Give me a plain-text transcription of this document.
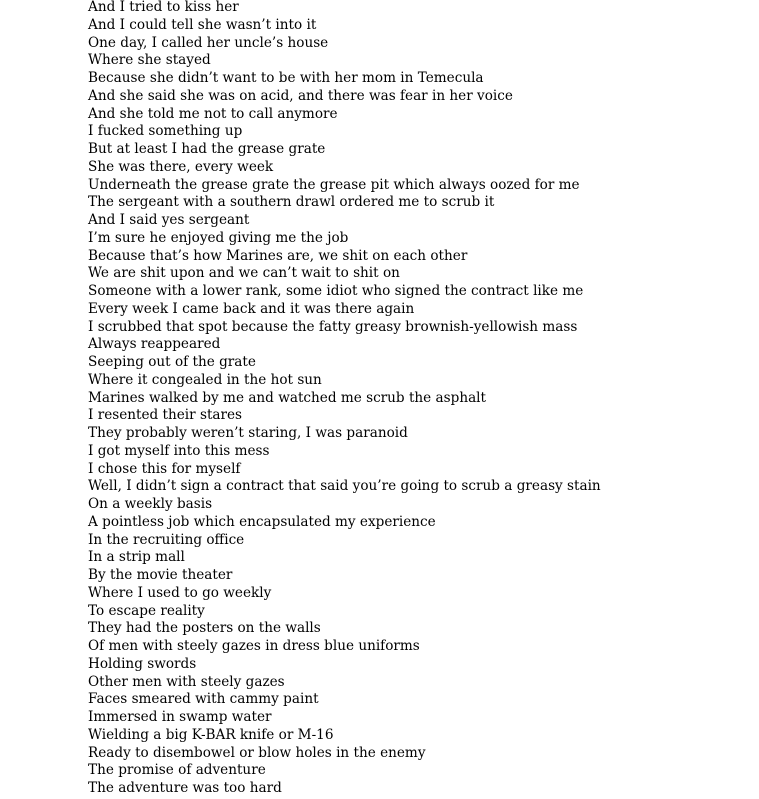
And I tried to kiss her
And I could tell she wasn’t into it
One day, I called her uncle’s house
Where she stayed
Because she didn’t want to be with her mom in Temecula
And she said she was on acid, and there was fear in her voice
And she told me not to call anymore
I fucked something up
But at least I had the grease grate
She was there, every week
Underneath the grease grate the grease pit which always oozed for me
The sergeant with a southern drawl ordered me to scrub it
And I said yes sergeant
I’m sure he enjoyed giving me the job
Because that’s how Marines are, we shit on each other
We are shit upon and we can’t wait to shit on
Someone with a lower rank, some idiot who signed the contract like me
Every week I came back and it was there again
I scrubbed that spot because the fatty greasy brownish-yellowish mass
Always reappeared
Seeping out of the grate
Where it congealed in the hot sun
Marines walked by me and watched me scrub the asphalt
I resented their stares
They probably weren’t staring, I was paranoid
I got myself into this mess
I chose this for myself
Well, I didn’t sign a contract that said you’re going to scrub a greasy stain
On a weekly basis
A pointless job which encapsulated my experience
In the recruiting office
In a strip mall
By the movie theater
Where I used to go weekly
To escape reality
They had the posters on the walls
Of men with steely gazes in dress blue uniforms
Holding swords
Other men with steely gazes
Faces smeared with cammy paint
Immersed in swamp water
Wielding a big K-BAR knife or M-16
Ready to disembowel or blow holes in the enemy
The promise of adventure
The adventure was too hard
